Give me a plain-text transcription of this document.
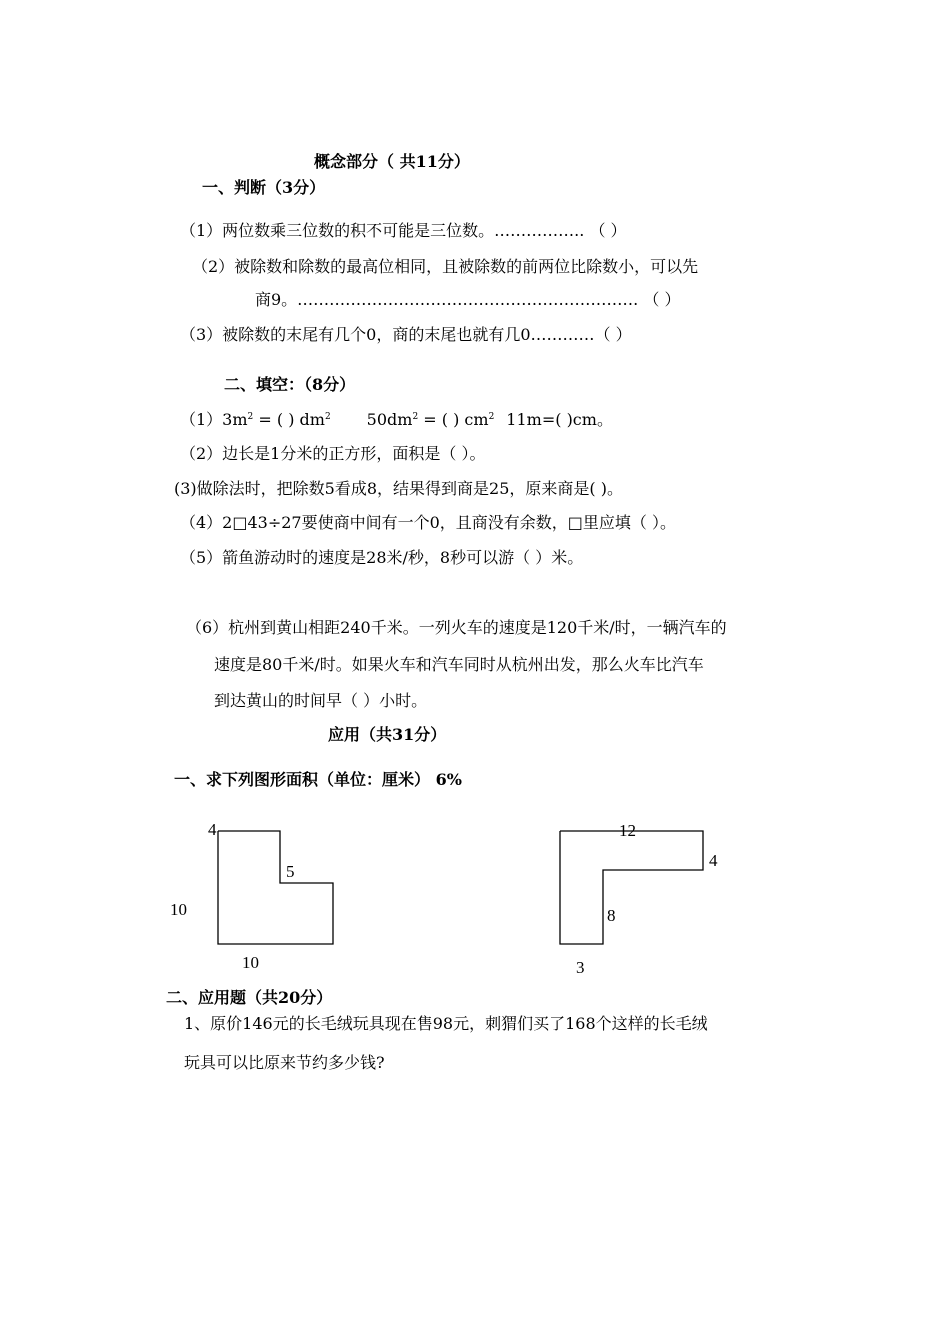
概念部分（ 共11分）
一、判断（3分）
（1）两位数乘三位数的积不可能是三位数。…………….. （ ）
（2）被除数和除数的最高位相同，且被除数的前两位比除数小，可以先
商9。………………………………………………………. （ ）
（3）被除数的末尾有几个0，商的末尾也就有几0…………（ ）
二、填空：（8分）
$(1)3m^2$ = ( ) $dm^2$ $50dm^2$ = ( ) $cm^2$ 11m=( )cm。
（2）边长是1分米的正方形，面积是（ ）。
(3)做除法时，把除数5看成8，结果得到商是25，原来商是( )。
（4）2□43÷27要使商中间有一个0，且商没有余数，□里应填（ ）。
（5）箭鱼游动时的速度是28米/秒，8秒可以游（ ）米。
（6）杭州到黄山相距240千米。一列火车的速度是120千米/时，一辆汽车的
速度是80千米/时。如果火车和汽车同时从杭州出发，那么火车比汽车
到达黄山的时间早（ ）小时。
应用（共31分）
一、求下列图形面积（单位：厘米） 6%
4
5
10
10
12
4
8
3
二、应用题（共20分）
1、原价146元的长毛绒玩具现在售98元，刺猬们买了168个这样的长毛绒
玩具可以比原来节约多少钱?
